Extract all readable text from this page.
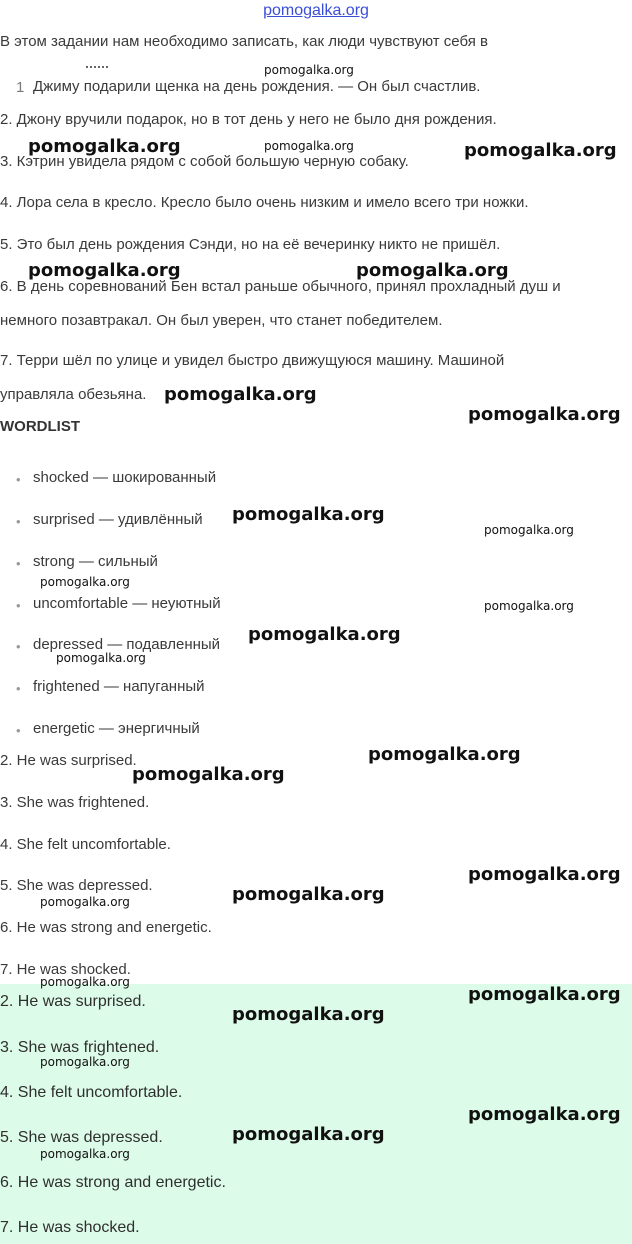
pomogalka.org
В этом задании нам необходимо записать, как люди чувствуют себя в
1 Джиму подарили щенка на день рождения. — Он был счастлив.
2. Джону вручили подарок, но в тот день у него не было дня рождения.
3. Кэтрин увидела рядом с собой большую черную собаку.
4. Лора села в кресло. Кресло было очень низким и имело всего три ножки.
5. Это был день рождения Сэнди, но на её вечеринку никто не пришёл.
6. В день соревнований Бен встал раньше обычного, принял прохладный душ и
немного позавтракал. Он был уверен, что станет победителем.
7. Терри шёл по улице и увидел быстро движущуюся машину. Машиной
управляла обезьяна.
WORDLIST
• shocked — шокированный
• surprised — удивлённый
• strong — сильный
• uncomfortable — неуютный
• depressed — подавленный
• frightened — напуганный
• energetic — энергичный
2. He was surprised.
3. She was frightened.
4. She felt uncomfortable.
5. She was depressed.
6. He was strong and energetic.
7. He was shocked.
2. He was surprised.
3. She was frightened.
4. She felt uncomfortable.
5. She was depressed.
6. He was strong and energetic.
7. He was shocked.
pomogalka.org
pomogalka.org	pomogalka.org	pomogalka.org
pomogalka.org	pomogalka.org
pomogalka.org
pomogalka.org
pomogalka.org
pomogalka.org
pomogalka.org
pomogalka.org
pomogalka.org
pomogalka.org
pomogalka.org
pomogalka.org
pomogalka.org
pomogalka.org
pomogalka.org
pomogalka.org
pomogalka.org
pomogalka.org
pomogalka.org
pomogalka.org
pomogalka.org
pomogalka.org
